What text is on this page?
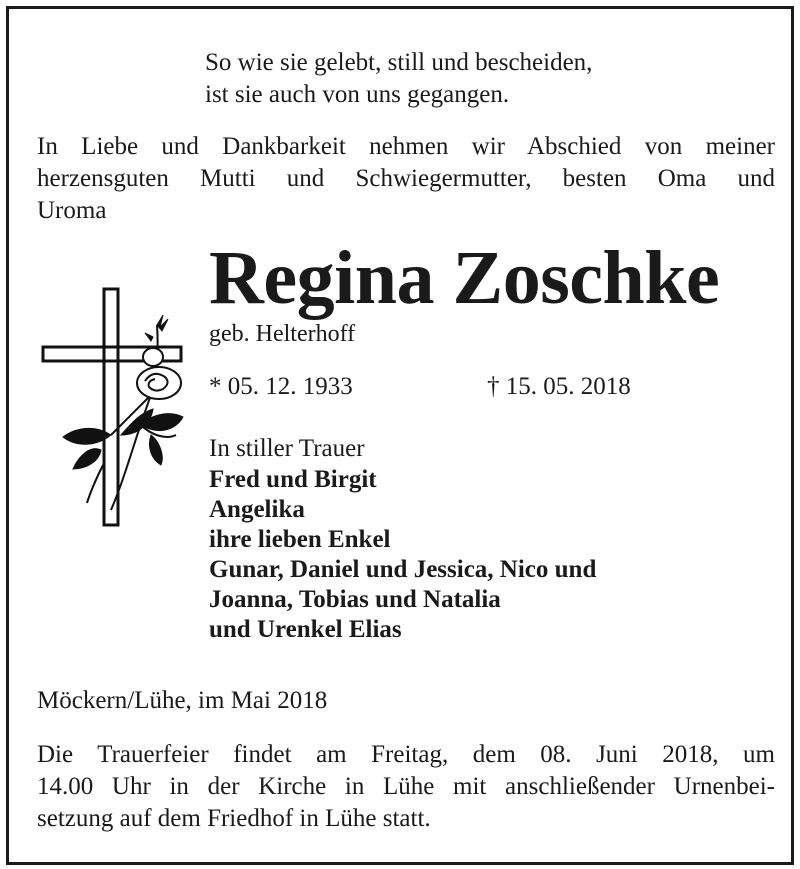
So wie sie gelebt, still und bescheiden,
ist sie auch von uns gegangen.
In Liebe und Dankbarkeit nehmen wir Abschied von meiner
herzensguten Mutti und Schwiegermutter, besten Oma und
Uroma
Regina Zoschke
geb. Helterhoff
* 05. 12. 1933	† 15. 05. 2018
In stiller Trauer
Fred und Birgit
Angelika
ihre lieben Enkel
Gunar, Daniel und Jessica, Nico und
Joanna, Tobias und Natalia
und Urenkel Elias
Möckern/Lühe, im Mai 2018
Die Trauerfeier findet am Freitag, dem 08. Juni 2018, um
14.00 Uhr in der Kirche in Lühe mit anschließender Urnenbei-
setzung auf dem Friedhof in Lühe statt.
